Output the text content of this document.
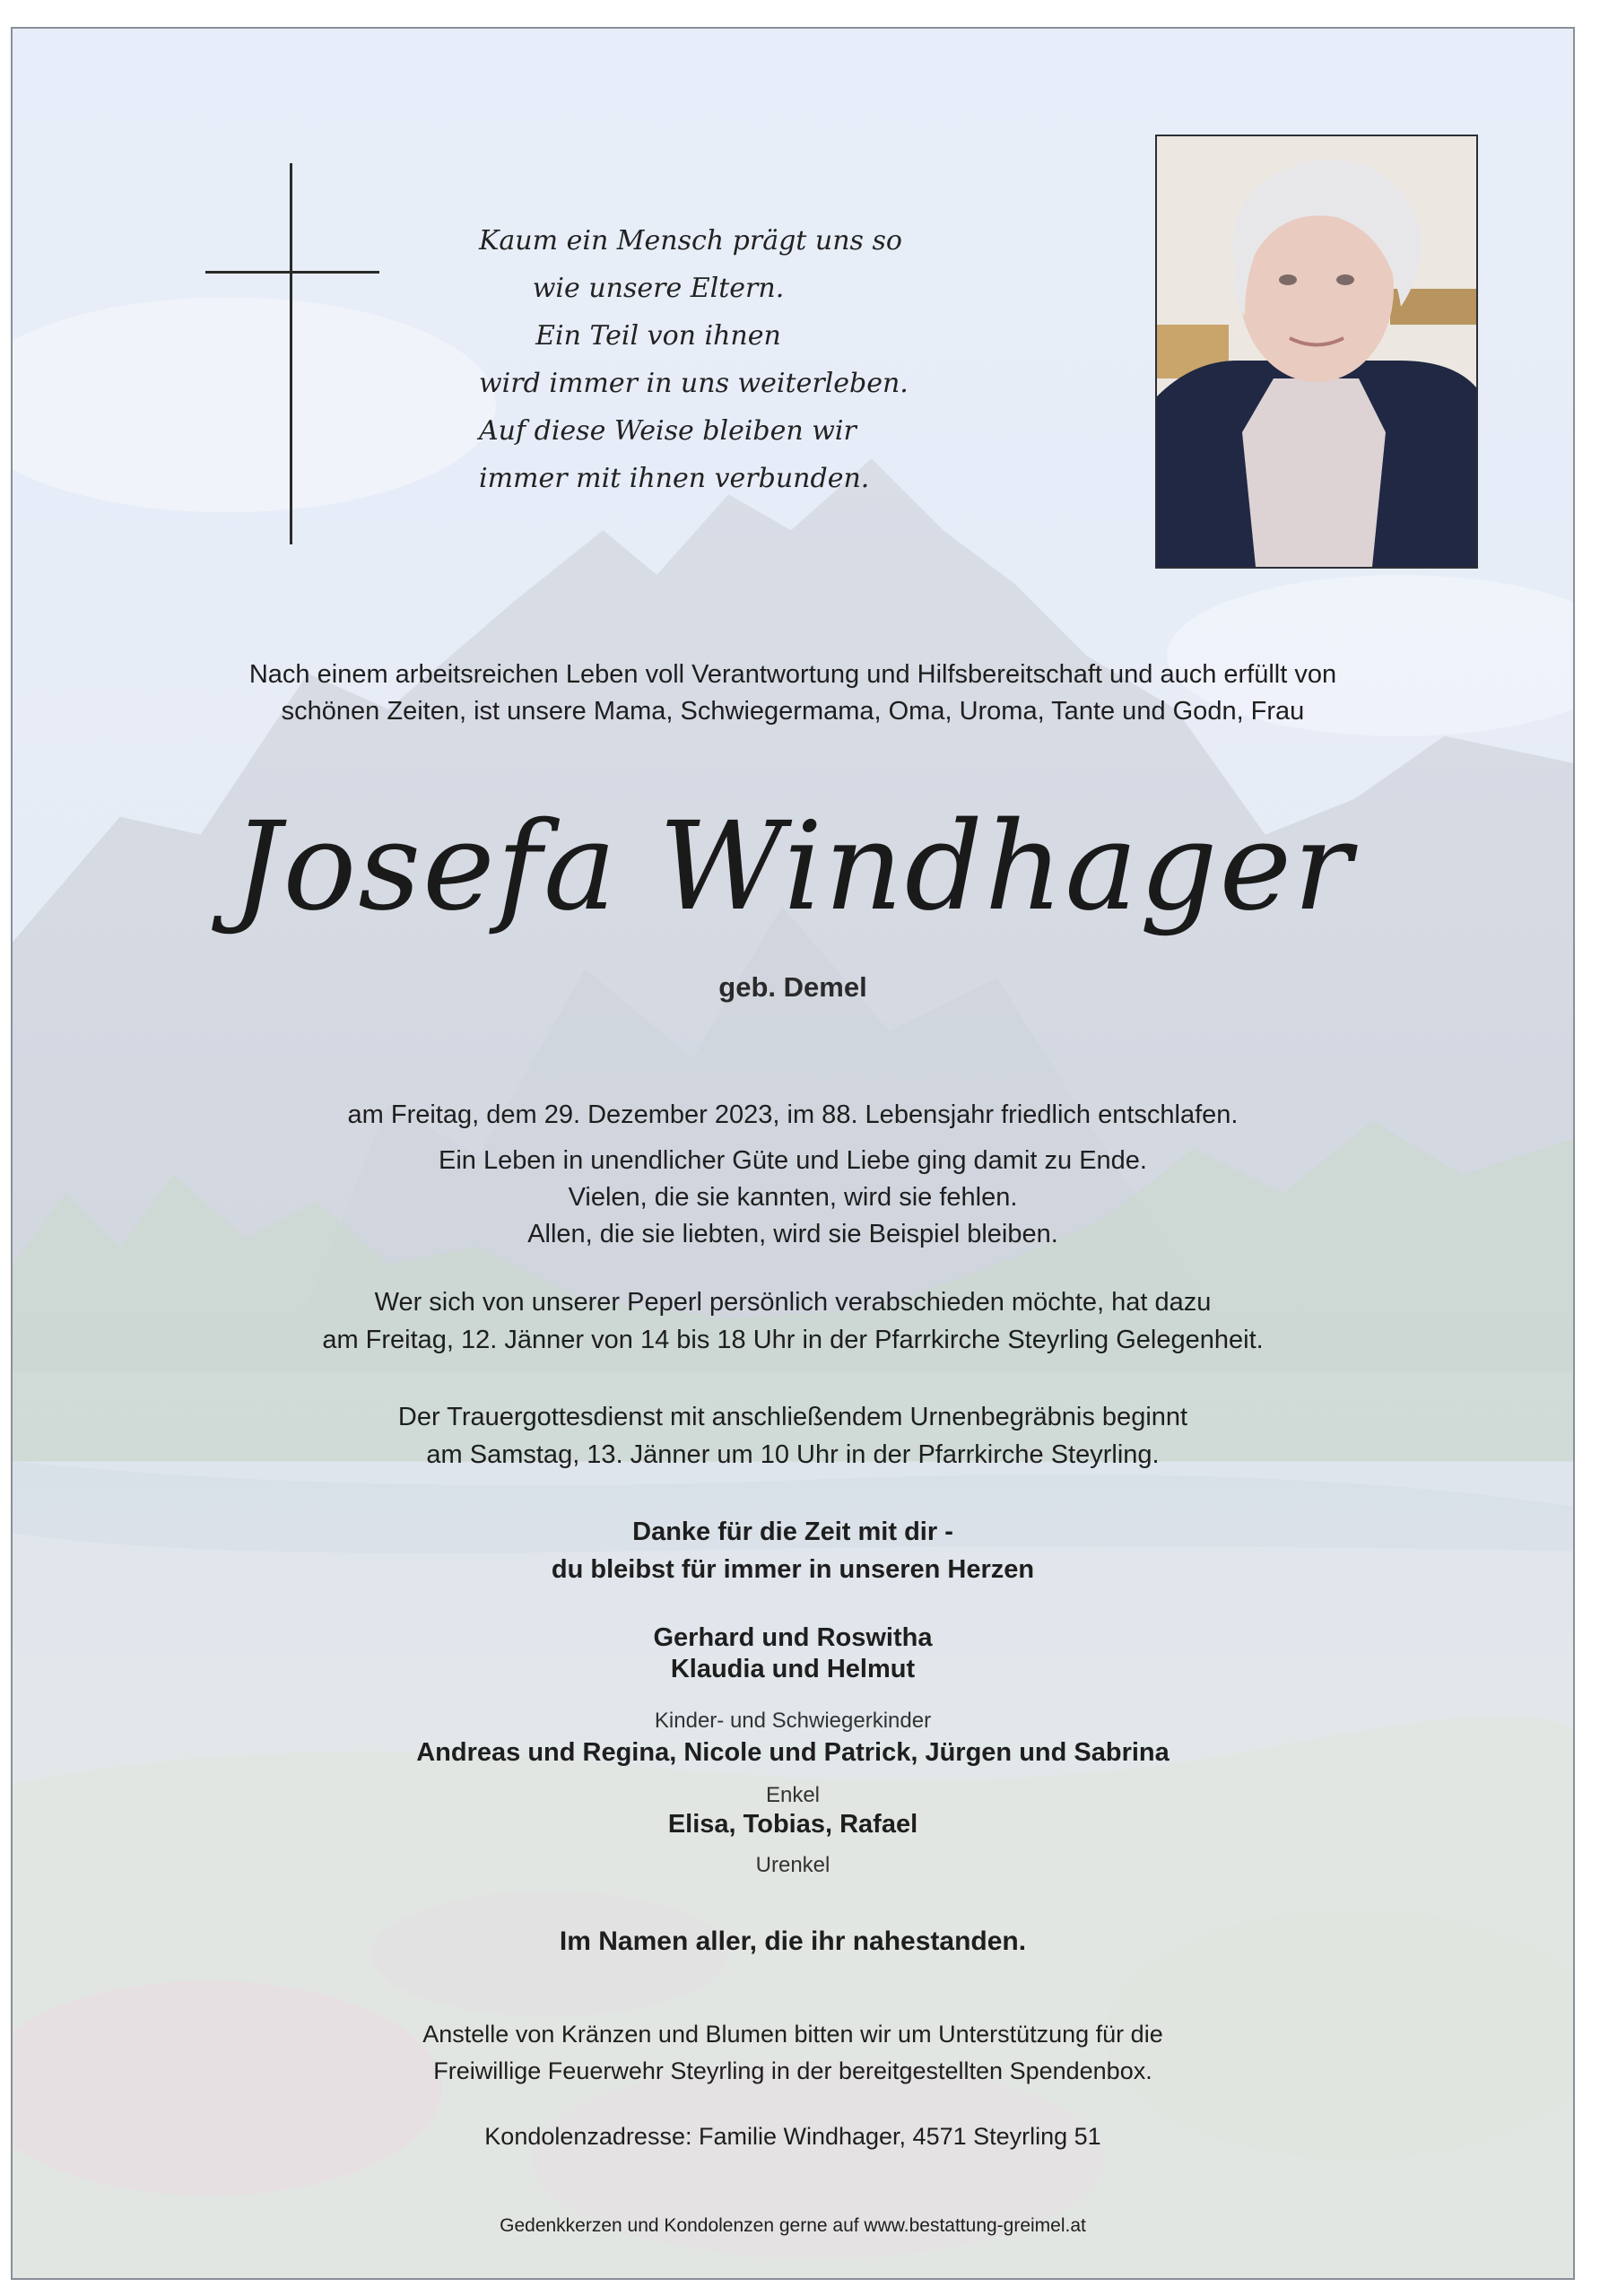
Kaum ein Mensch prägt uns so
wie unsere Eltern.
Ein Teil von ihnen
wird immer in uns weiterleben.
Auf diese Weise bleiben wir
immer mit ihnen verbunden.
Nach einem arbeitsreichen Leben voll Verantwortung und Hilfsbereitschaft und auch erfüllt von
schönen Zeiten, ist unsere Mama, Schwiegermama, Oma, Uroma, Tante und Godn, Frau
Josefa Windhager
geb. Demel
am Freitag, dem 29. Dezember 2023, im 88. Lebensjahr friedlich entschlafen.
Ein Leben in unendlicher Güte und Liebe ging damit zu Ende.
Vielen, die sie kannten, wird sie fehlen.
Allen, die sie liebten, wird sie Beispiel bleiben.
Wer sich von unserer Peperl persönlich verabschieden möchte, hat dazu
am Freitag, 12. Jänner von 14 bis 18 Uhr in der Pfarrkirche Steyrling Gelegenheit.
Der Trauergottesdienst mit anschließendem Urnenbegräbnis beginnt
am Samstag, 13. Jänner um 10 Uhr in der Pfarrkirche Steyrling.
Danke für die Zeit mit dir -
du bleibst für immer in unseren Herzen
Gerhard und Roswitha
Klaudia und Helmut
Kinder- und Schwiegerkinder
Andreas und Regina, Nicole und Patrick, Jürgen und Sabrina
Enkel
Elisa, Tobias, Rafael
Urenkel
Im Namen aller, die ihr nahestanden.
Anstelle von Kränzen und Blumen bitten wir um Unterstützung für die
Freiwillige Feuerwehr Steyrling in der bereitgestellten Spendenbox.
Kondolenzadresse: Familie Windhager, 4571 Steyrling 51
Gedenkkerzen und Kondolenzen gerne auf www.bestattung-greimel.at
